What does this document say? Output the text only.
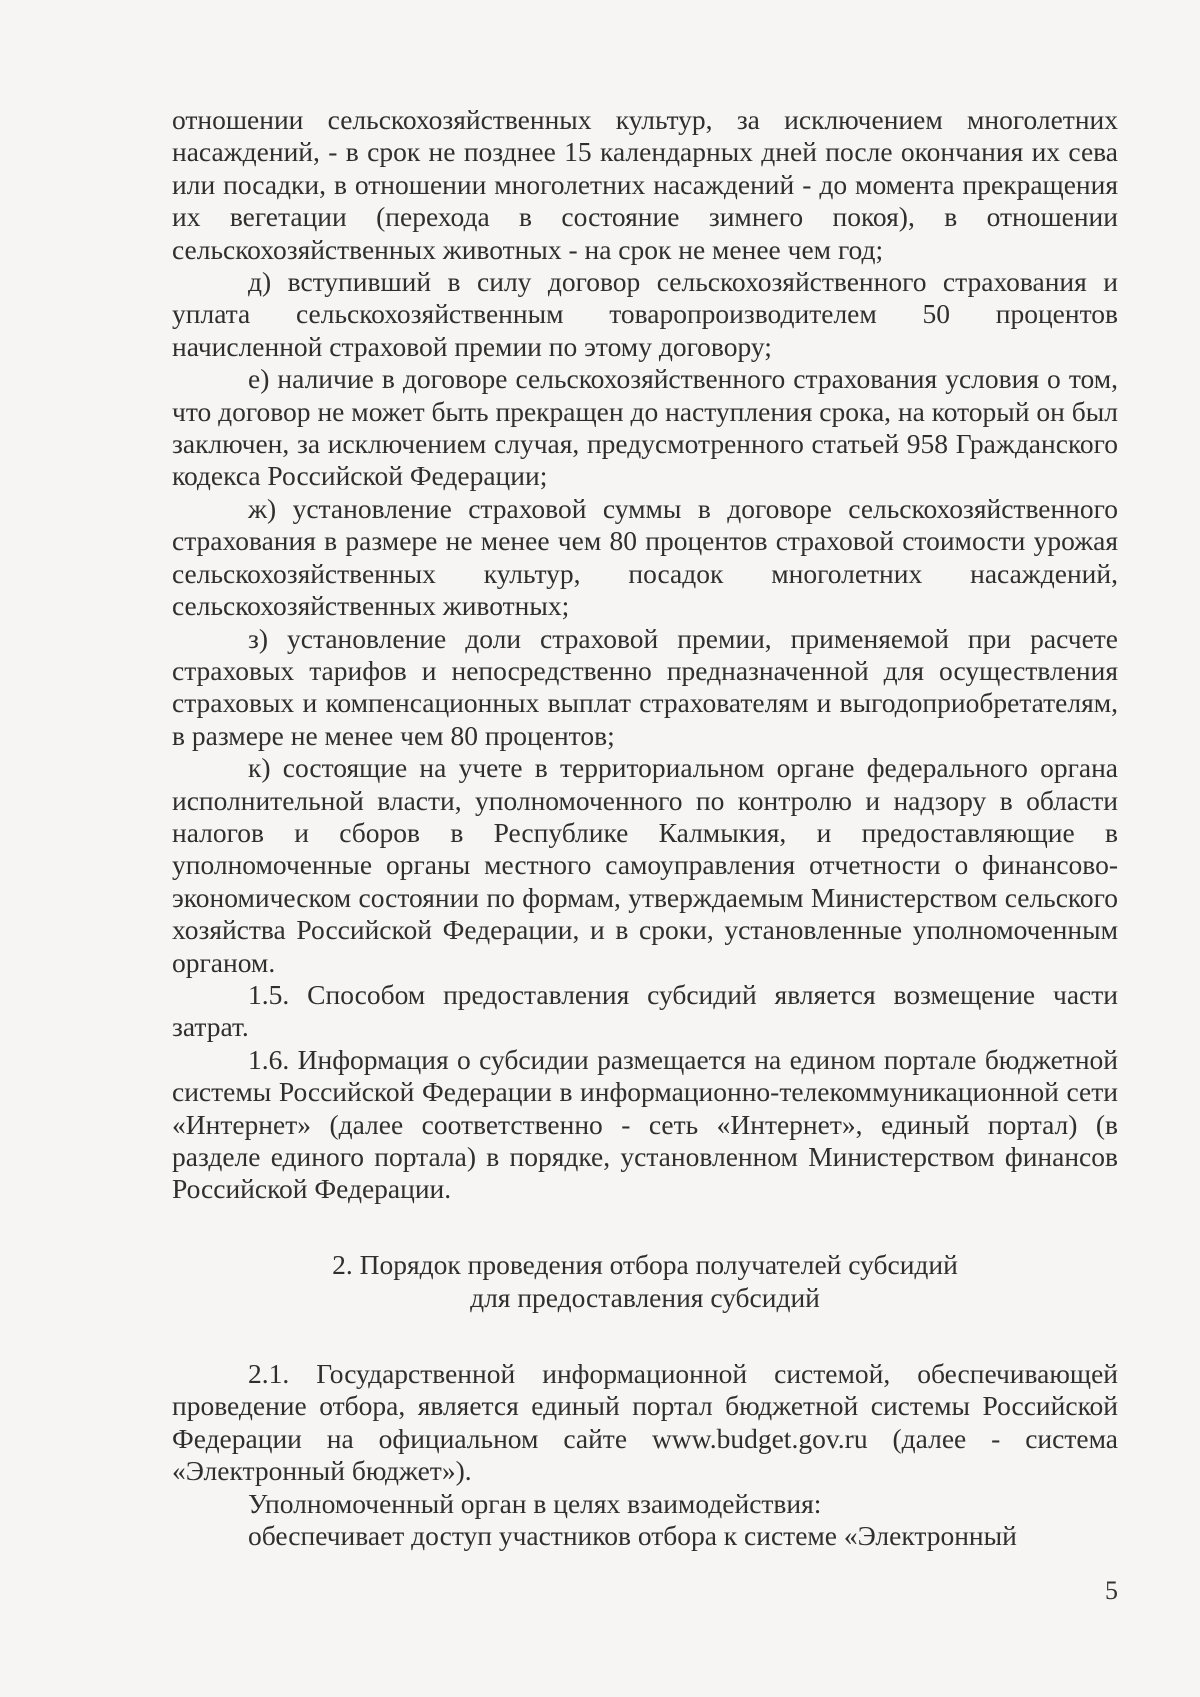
отношении сельскохозяйственных культур, за исключением многолетних насаждений, - в срок не позднее 15 календарных дней после окончания их сева или посадки, в отношении многолетних насаждений - до момента прекращения их вегетации (перехода в состояние зимнего покоя), в отношении сельскохозяйственных животных - на срок не менее чем год;

д) вступивший в силу договор сельскохозяйственного страхования и уплата сельскохозяйственным товаропроизводителем 50 процентов начисленной страховой премии по этому договору;

е) наличие в договоре сельскохозяйственного страхования условия о том, что договор не может быть прекращен до наступления срока, на который он был заключен, за исключением случая, предусмотренного статьей 958 Гражданского кодекса Российской Федерации;

ж) установление страховой суммы в договоре сельскохозяйственного страхования в размере не менее чем 80 процентов страховой стоимости урожая сельскохозяйственных культур, посадок многолетних насаждений, сельскохозяйственных животных;

з) установление доли страховой премии, применяемой при расчете страховых тарифов и непосредственно предназначенной для осуществления страховых и компенсационных выплат страхователям и выгодоприобретателям, в размере не менее чем 80 процентов;

к) состоящие на учете в территориальном органе федерального органа исполнительной власти, уполномоченного по контролю и надзору в области налогов и сборов в Республике Калмыкия, и предоставляющие в уполномоченные органы местного самоуправления отчетности о финансово-экономическом состоянии по формам, утверждаемым Министерством сельского хозяйства Российской Федерации, и в сроки, установленные уполномоченным органом.

1.5. Способом предоставления субсидий является возмещение части затрат.

1.6. Информация о субсидии размещается на едином портале бюджетной системы Российской Федерации в информационно-телекоммуникационной сети «Интернет» (далее соответственно - сеть «Интернет», единый портал) (в разделе единого портала) в порядке, установленном Министерством финансов Российской Федерации.

2. Порядок проведения отбора получателей субсидий
для предоставления субсидий

2.1. Государственной информационной системой, обеспечивающей проведение отбора, является единый портал бюджетной системы Российской Федерации на официальном сайте www.budget.gov.ru (далее - система «Электронный бюджет»).

Уполномоченный орган в целях взаимодействия:

обеспечивает доступ участников отбора к системе «Электронный

5
